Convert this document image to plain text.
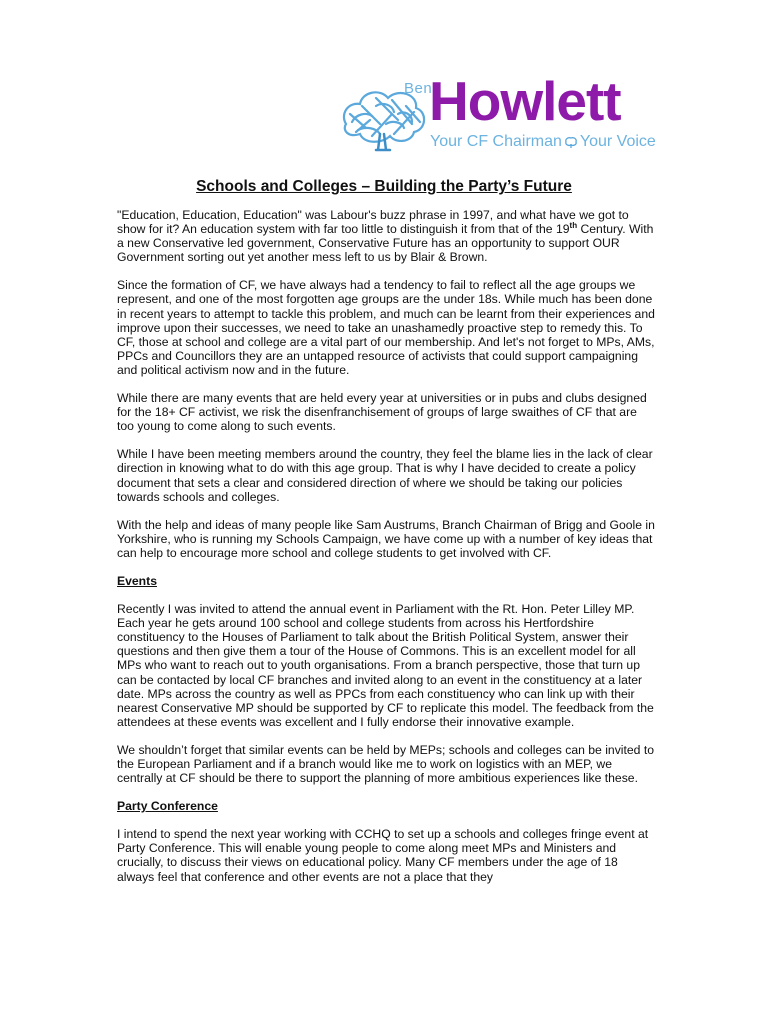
Ben
Howlett
Your CF Chairman Your Voice
Schools and Colleges – Building the Party’s Future

"Education, Education, Education" was Labour's buzz phrase in 1997, and what have we got to show for it? An education system with far too little to distinguish it from that of the 19th Century. With a new Conservative led government, Conservative Future has an opportunity to support OUR Government sorting out yet another mess left to us by Blair & Brown.

Since the formation of CF, we have always had a tendency to fail to reflect all the age groups we represent, and one of the most forgotten age groups are the under 18s. While much has been done in recent years to attempt to tackle this problem, and much can be learnt from their experiences and improve upon their successes, we need to take an unashamedly proactive step to remedy this. To CF, those at school and college are a vital part of our membership. And let's not forget to MPs, AMs, PPCs and Councillors they are an untapped resource of activists that could support campaigning and political activism now and in the future.

While there are many events that are held every year at universities or in pubs and clubs designed for the 18+ CF activist, we risk the disenfranchisement of groups of large swaithes of CF that are too young to come along to such events.

While I have been meeting members around the country, they feel the blame lies in the lack of clear direction in knowing what to do with this age group. That is why I have decided to create a policy document that sets a clear and considered direction of where we should be taking our policies towards schools and colleges.

With the help and ideas of many people like Sam Austrums, Branch Chairman of Brigg and Goole in Yorkshire, who is running my Schools Campaign, we have come up with a number of key ideas that can help to encourage more school and college students to get involved with CF.

Events

Recently I was invited to attend the annual event in Parliament with the Rt. Hon. Peter Lilley MP. Each year he gets around 100 school and college students from across his Hertfordshire constituency to the Houses of Parliament to talk about the British Political System, answer their questions and then give them a tour of the House of Commons. This is an excellent model for all MPs who want to reach out to youth organisations. From a branch perspective, those that turn up can be contacted by local CF branches and invited along to an event in the constituency at a later date. MPs across the country as well as PPCs from each constituency who can link up with their nearest Conservative MP should be supported by CF to replicate this model. The feedback from the attendees at these events was excellent and I fully endorse their innovative example.

We shouldn’t forget that similar events can be held by MEPs; schools and colleges can be invited to the European Parliament and if a branch would like me to work on logistics with an MEP, we centrally at CF should be there to support the planning of more ambitious experiences like these.

Party Conference

I intend to spend the next year working with CCHQ to set up a schools and colleges fringe event at Party Conference. This will enable young people to come along meet MPs and Ministers and crucially, to discuss their views on educational policy. Many CF members under the age of 18 always feel that conference and other events are not a place that they
